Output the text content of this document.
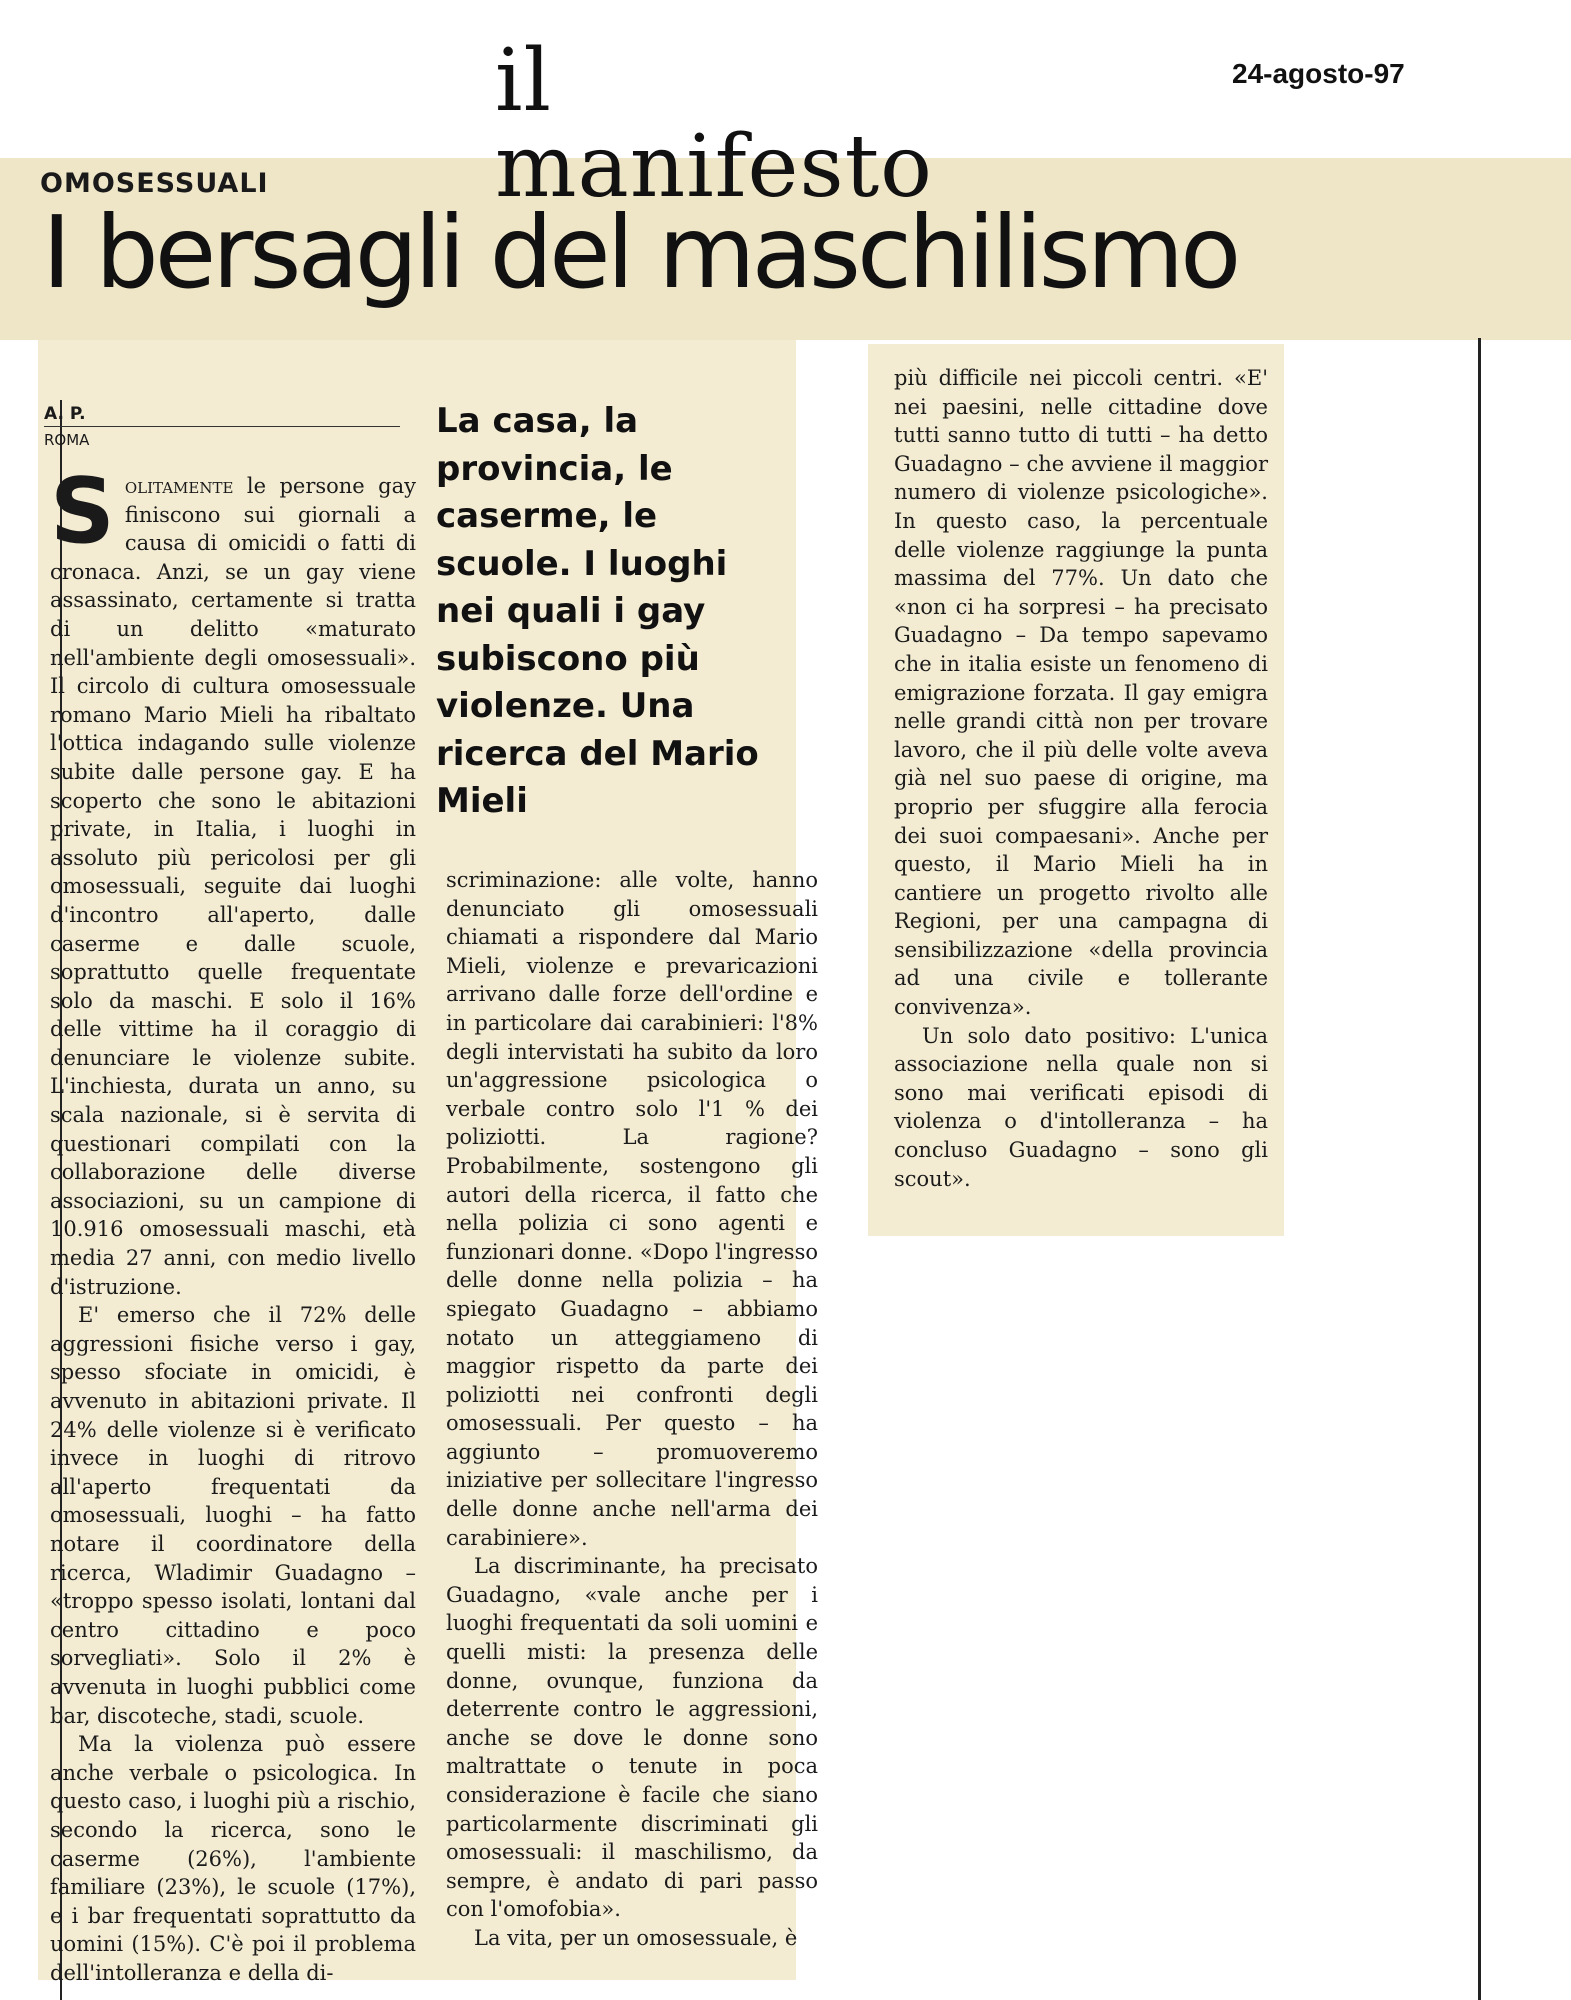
il manifesto
24-agosto-97
OMOSESSUALI
I bersagli del maschilismo
A. P.
ROMA	La casa, la provincia, le caserme, le scuole. I luoghi nei quali i gay subiscono più violenze. Una ricerca del Mario Mieli

Solitamente le persone gay finiscono sui giornali a causa di omicidi o fatti di cronaca. Anzi, se un gay viene assassinato, certamente si tratta di un delitto «maturato nell'ambiente degli omosessuali». Il circolo di cultura omosessuale romano Mario Mieli ha ribaltato l'ottica indagando sulle violenze subite dalle persone gay. E ha scoperto che sono le abitazioni private, in Italia, i luoghi in assoluto più pericolosi per gli omosessuali, seguite dai luoghi d'incontro all'aperto, dalle caserme e dalle scuole, soprattutto quelle frequentate solo da maschi. E solo il 16% delle vittime ha il coraggio di denunciare le violenze subite. L'inchiesta, durata un anno, su scala nazionale, si è servita di questionari compilati con la collaborazione delle diverse associazioni, su un campione di 10.916 omosessuali maschi, età media 27 anni, con medio livello d'istruzione.

E' emerso che il 72% delle aggressioni fisiche verso i gay, spesso sfociate in omicidi, è avvenuto in abitazioni private. Il 24% delle violenze si è verificato invece in luoghi di ritrovo all'aperto frequentati da omosessuali, luoghi – ha fatto notare il coordinatore della ricerca, Wladimir Guadagno – «troppo spesso isolati, lontani dal centro cittadino e poco sorvegliati». Solo il 2% è avvenuta in luoghi pubblici come bar, discoteche, stadi, scuole.

Ma la violenza può essere anche verbale o psicologica. In questo caso, i luoghi più a rischio, secondo la ricerca, sono le caserme (26%), l'ambiente familiare (23%), le scuole (17%), e i bar frequentati soprattutto da uomini (15%). C'è poi il problema dell'intolleranza e della di-

scriminazione: alle volte, hanno denunciato gli omosessuali chiamati a rispondere dal Mario Mieli, violenze e prevaricazioni arrivano dalle forze dell'ordine e in particolare dai carabinieri: l'8% degli intervistati ha subito da loro un'aggressione psicologica o verbale contro solo l'1 % dei poliziotti. La ragione? Probabilmente, sostengono gli autori della ricerca, il fatto che nella polizia ci sono agenti e funzionari donne. «Dopo l'ingresso delle donne nella polizia – ha spiegato Guadagno – abbiamo notato un atteggiameno di maggior rispetto da parte dei poliziotti nei confronti degli omosessuali. Per questo – ha aggiunto – promuoveremo iniziative per sollecitare l'ingresso delle donne anche nell'arma dei carabiniere».

La discriminante, ha precisato Guadagno, «vale anche per i luoghi frequentati da soli uomini e quelli misti: la presenza delle donne, ovunque, funziona da deterrente contro le aggressioni, anche se dove le donne sono maltrattate o tenute in poca considerazione è facile che siano particolarmente discriminati gli omosessuali: il maschilismo, da sempre, è andato di pari passo con l'omofobia».

La vita, per un omosessuale, è

più difficile nei piccoli centri. «E' nei paesini, nelle cittadine dove tutti sanno tutto di tutti – ha detto Guadagno – che avviene il maggior numero di violenze psicologiche». In questo caso, la percentuale delle violenze raggiunge la punta massima del 77%. Un dato che «non ci ha sorpresi – ha precisato Guadagno – Da tempo sapevamo che in italia esiste un fenomeno di emigrazione forzata. Il gay emigra nelle grandi città non per trovare lavoro, che il più delle volte aveva già nel suo paese di origine, ma proprio per sfuggire alla ferocia dei suoi compaesani». Anche per questo, il Mario Mieli ha in cantiere un progetto rivolto alle Regioni, per una campagna di sensibilizzazione «della provincia ad una civile e tollerante convivenza».

Un solo dato positivo: L'unica associazione nella quale non si sono mai verificati episodi di violenza o d'intolleranza – ha concluso Guadagno – sono gli scout».
